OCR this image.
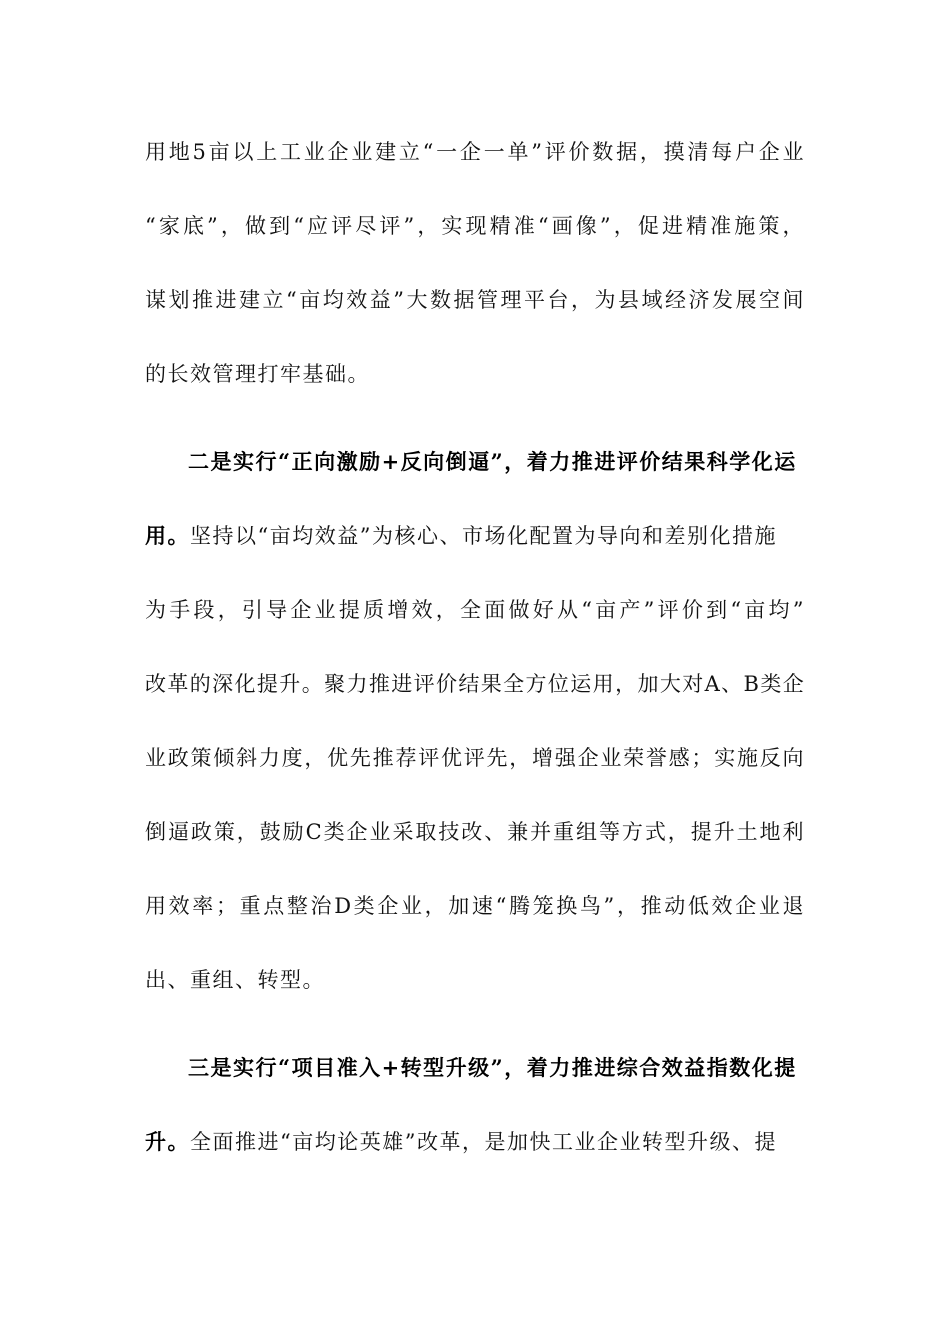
用地5亩以上工业企业建立“一企一单”评价数据，摸清每户企业
“家底”，做到“应评尽评”，实现精准“画像”，促进精准施策，
谋划推进建立“亩均效益”大数据管理平台，为县域经济发展空间
的长效管理打牢基础。
二是实行“正向激励+反向倒逼”，着力推进评价结果科学化运
用。坚持以“亩均效益”为核心、市场化配置为导向和差别化措施
为手段，引导企业提质增效，全面做好从“亩产”评价到“亩均”
改革的深化提升。聚力推进评价结果全方位运用，加大对A、B类企
业政策倾斜力度，优先推荐评优评先，增强企业荣誉感；实施反向
倒逼政策，鼓励C类企业采取技改、兼并重组等方式，提升土地利
用效率；重点整治D类企业，加速“腾笼换鸟”，推动低效企业退
出、重组、转型。
三是实行“项目准入+转型升级”，着力推进综合效益指数化提
升。全面推进“亩均论英雄”改革，是加快工业企业转型升级、提
